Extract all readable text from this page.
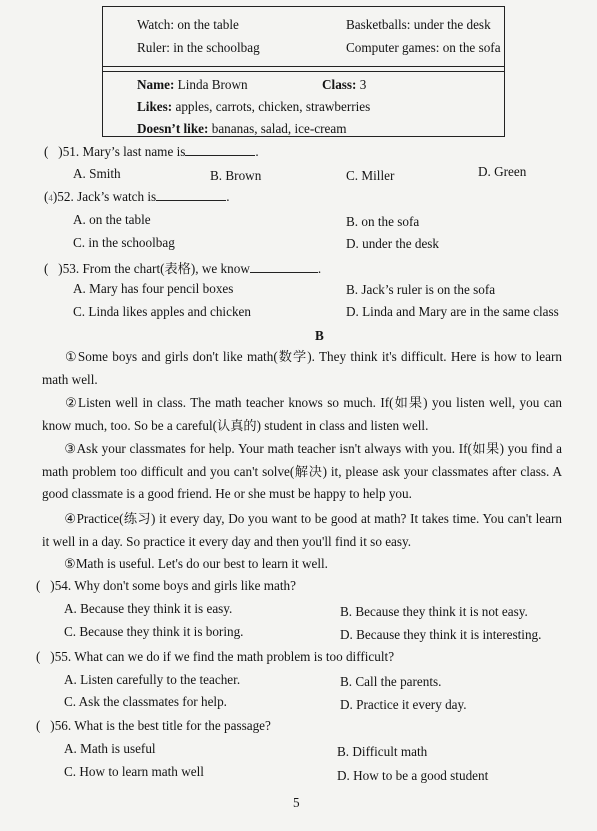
Watch: on the table	Basketballs: under the desk
Ruler: in the schoolbag	Computer games: on the sofa
Name: Linda Brown	Class: 3
Likes: apples, carrots, chicken, strawberries
Doesn’t like: bananas, salad, ice-cream
( )51. Mary’s last name is	.
A. Smith	B. Brown	C. Miller	D. Green
(4)52. Jack’s watch is	.
A. on the table	B. on the sofa
C. in the schoolbag	D. under the desk
( )53. From the chart(表格), we know	.
A. Mary has four pencil boxes	B. Jack’s ruler is on the sofa
C. Linda likes apples and chicken	D. Linda and Mary are in the same class
B
①Some boys and girls don't like math(数学). They think it's difficult. Here is how to learn math well.
②Listen well in class. The math teacher knows so much. If(如果) you listen well, you can know much, too. So be a careful(认真的) student in class and listen well.
③Ask your classmates for help. Your math teacher isn't always with you. If(如果) you find a math problem too difficult and you can't solve(解决) it, please ask your classmates after class. A good classmate is a good friend. He or she must be happy to help you.
④Practice(练习) it every day, Do you want to be good at math? It takes time. You can't learn it well in a day. So practice it every day and then you'll find it so easy.
⑤Math is useful. Let's do our best to learn it well.
( )54. Why don't some boys and girls like math?
A. Because they think it is easy.	B. Because they think it is not easy.
C. Because they think it is boring.	D. Because they think it is interesting.
( )55. What can we do if we find the math problem is too difficult?
A. Listen carefully to the teacher.	B. Call the parents.
C. Ask the classmates for help.	D. Practice it every day.
( )56. What is the best title for the passage?
A. Math is useful	B. Difficult math
C. How to learn math well	D. How to be a good student
5
